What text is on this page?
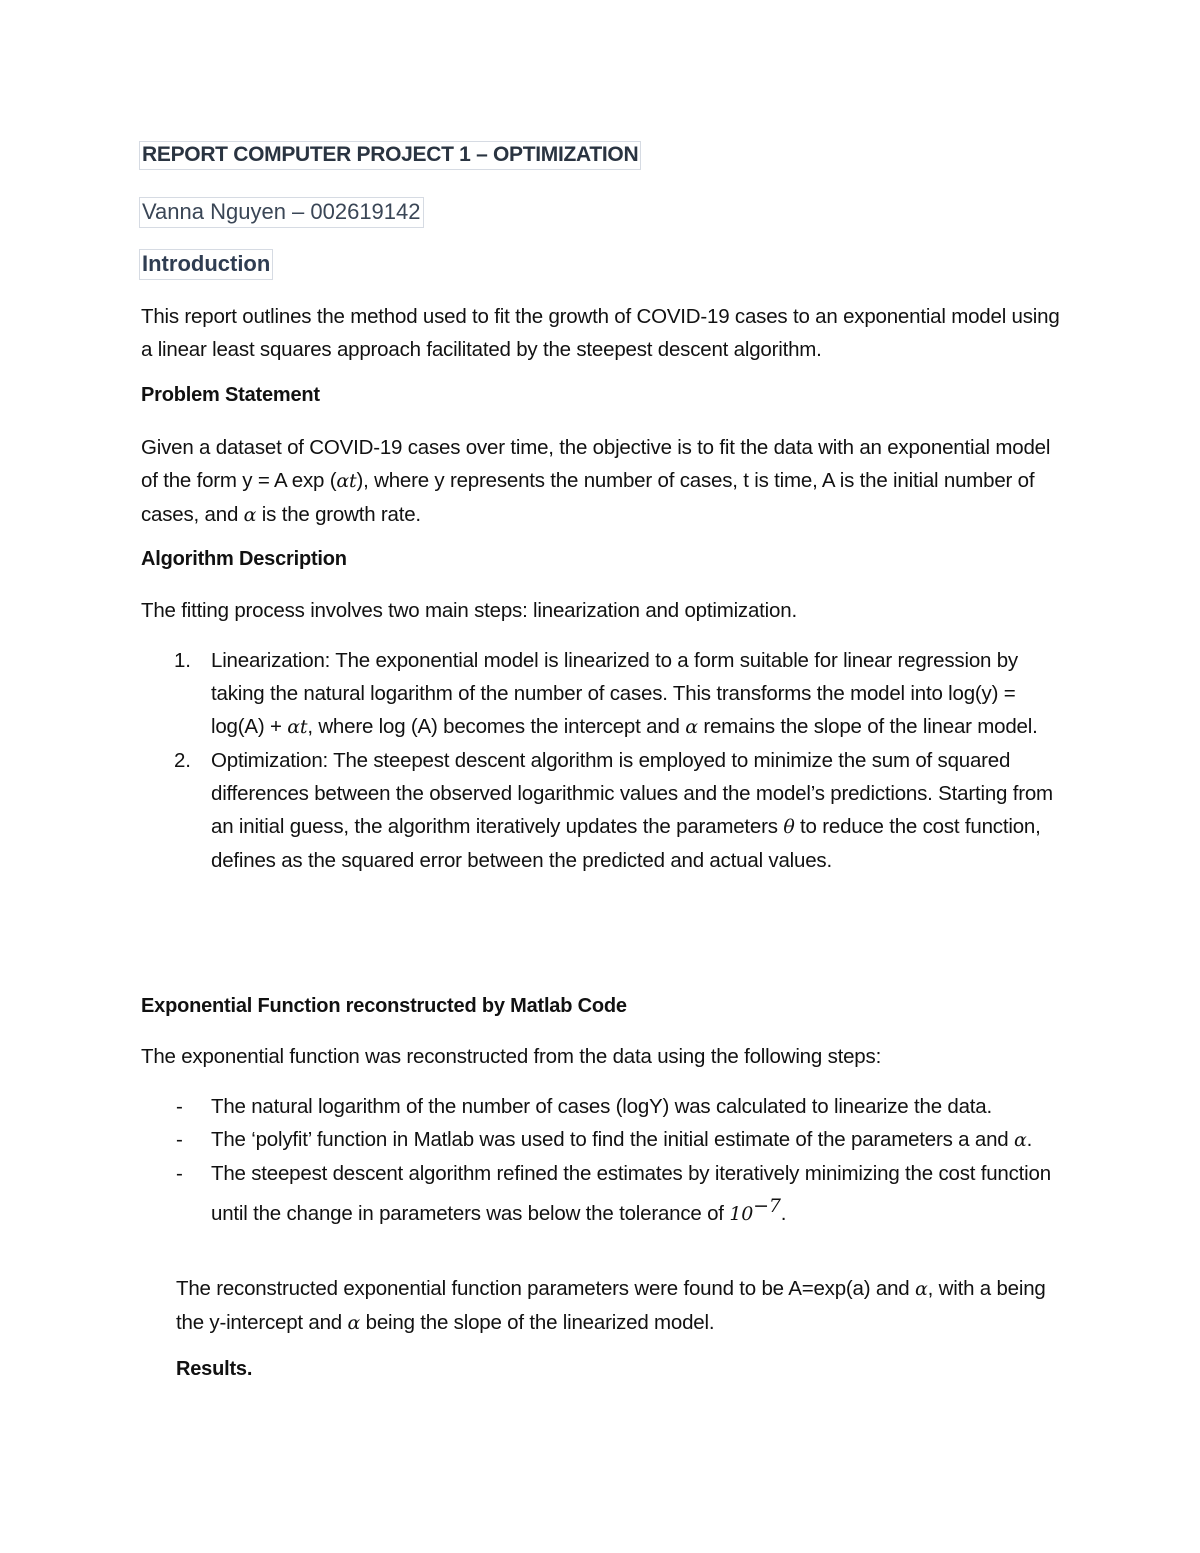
REPORT COMPUTER PROJECT 1 – OPTIMIZATION
Vanna Nguyen – 002619142
Introduction
This report outlines the method used to fit the growth of COVID-19 cases to an exponential model using a linear least squares approach facilitated by the steepest descent algorithm.
Problem Statement
Given a dataset of COVID-19 cases over time, the objective is to fit the data with an exponential model of the form y = A exp (αt), where y represents the number of cases, t is time, A is the initial number of cases, and α is the growth rate.
Algorithm Description
The fitting process involves two main steps: linearization and optimization.
1. Linearization: The exponential model is linearized to a form suitable for linear regression by taking the natural logarithm of the number of cases. This transforms the model into log(y) = log(A) + αt, where log (A) becomes the intercept and α remains the slope of the linear model.
2. Optimization: The steepest descent algorithm is employed to minimize the sum of squared differences between the observed logarithmic values and the model’s predictions. Starting from an initial guess, the algorithm iteratively updates the parameters θ to reduce the cost function, defines as the squared error between the predicted and actual values.
Exponential Function reconstructed by Matlab Code
The exponential function was reconstructed from the data using the following steps:
- The natural logarithm of the number of cases (logY) was calculated to linearize the data.
- The ‘polyfit’ function in Matlab was used to find the initial estimate of the parameters a and α.
- The steepest descent algorithm refined the estimates by iteratively minimizing the cost function until the change in parameters was below the tolerance of $10^{-7}$.
The reconstructed exponential function parameters were found to be A=exp(a) and α, with a being the y-intercept and α being the slope of the linearized model.
Results.
